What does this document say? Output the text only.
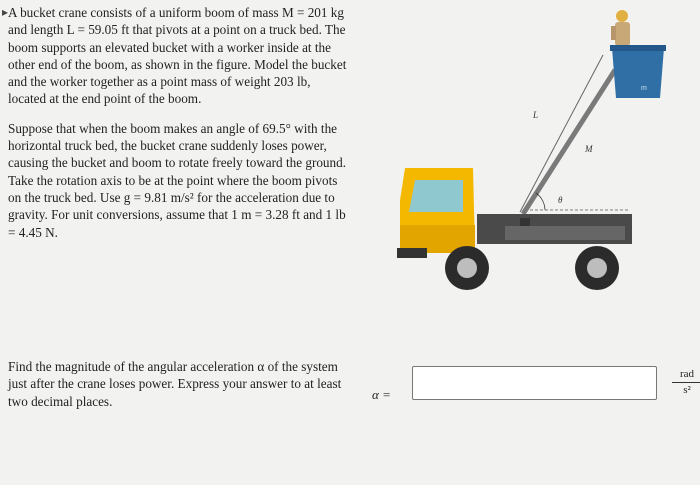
▸ A bucket crane consists of a uniform boom of mass M = 201 kg and length L = 59.05 ft that pivots at a point on a truck bed. The boom supports an elevated bucket with a worker inside at the other end of the boom, as shown in the figure. Model the bucket and the worker together as a point mass of weight 203 lb, located at the end point of the boom.

Suppose that when the boom makes an angle of 69.5° with the horizontal truck bed, the bucket crane suddenly loses power, causing the bucket and boom to rotate freely toward the ground. Take the rotation axis to be at the point where the boom pivots on the truck bed. Use g = 9.81 m/s² for the acceleration due to gravity. For unit conversions, assume that 1 m = 3.28 ft and 1 lb = 4.45 N.

θ
L
M
m
Find the magnitude of the angular acceleration α of the system just after the crane loses power. Express your answer to at least two decimal places.	α =
rad
s²
